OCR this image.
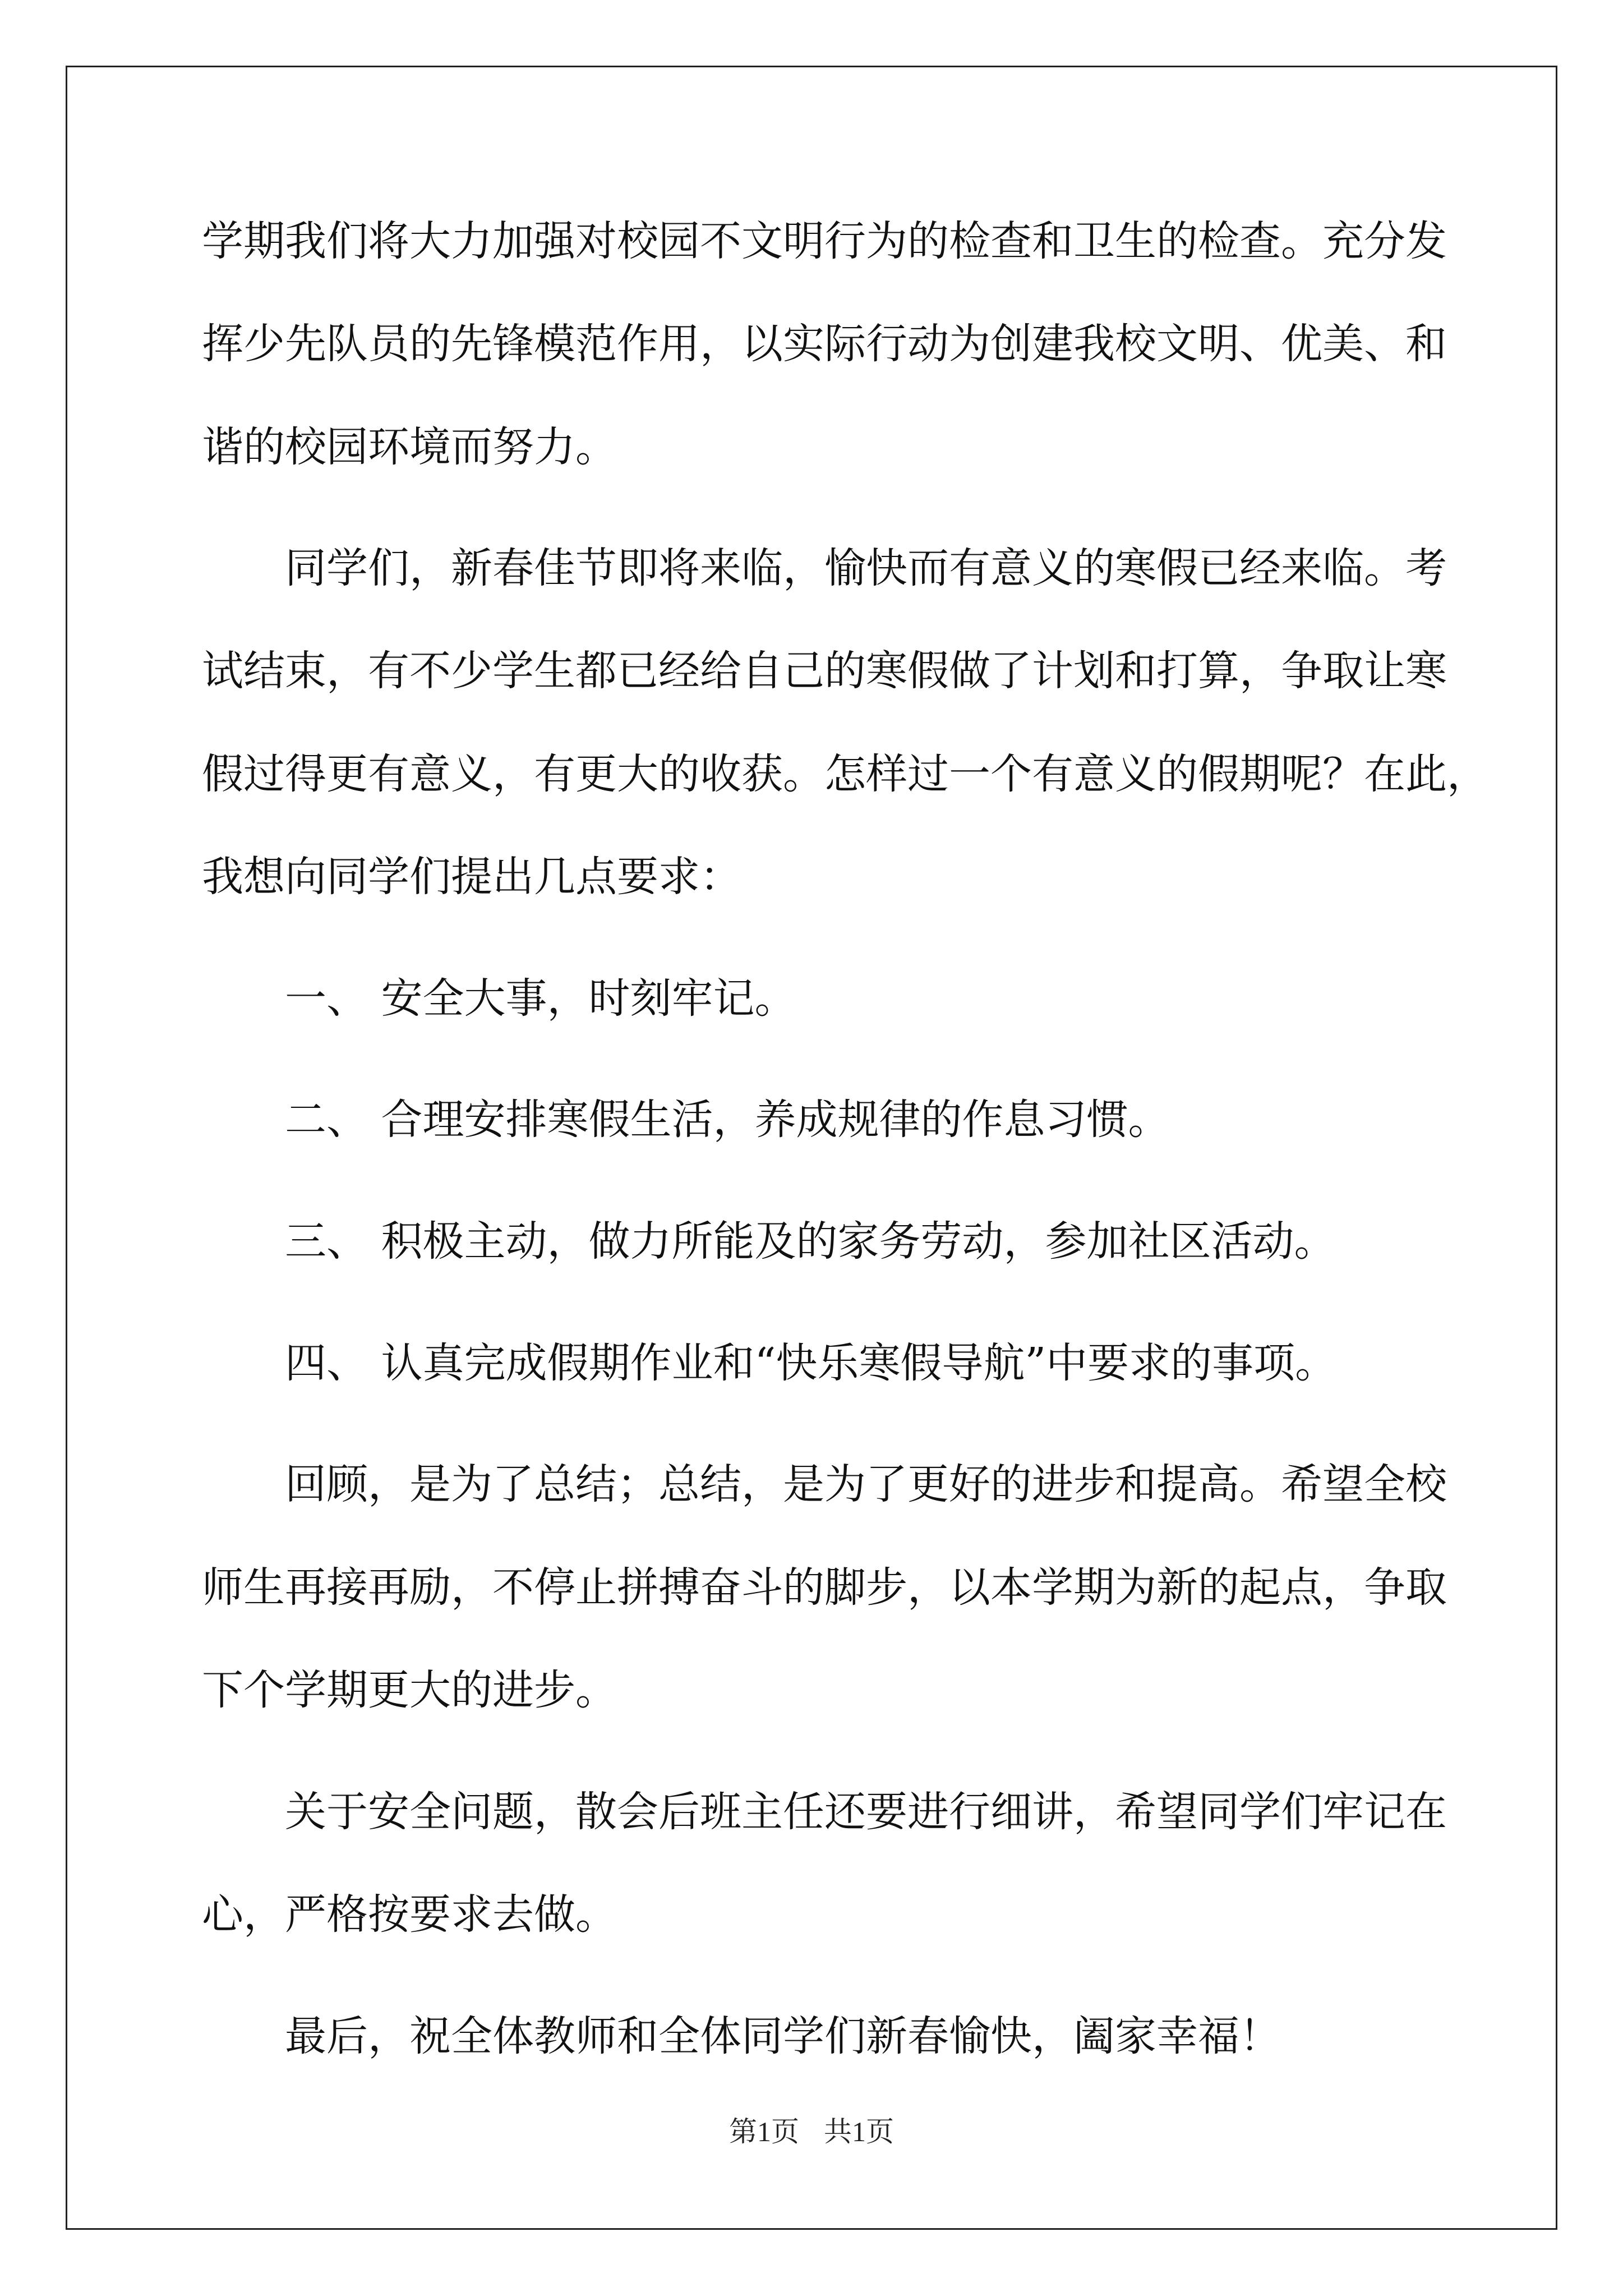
学期我们将大力加强对校园不文明行为的检查和卫生的检查。充分发
挥少先队员的先锋模范作用，以实际行动为创建我校文明、优美、和
谐的校园环境而努力。
同学们，新春佳节即将来临，愉快而有意义的寒假已经来临。考
试结束，有不少学生都已经给自己的寒假做了计划和打算，争取让寒
假过得更有意义，有更大的收获。怎样过一个有意义的假期呢？在此，
我想向同学们提出几点要求：
一、 安全大事，时刻牢记。
二、 合理安排寒假生活，养成规律的作息习惯。
三、 积极主动，做力所能及的家务劳动，参加社区活动。
四、 认真完成假期作业和“快乐寒假导航”中要求的事项。
回顾，是为了总结；总结，是为了更好的进步和提高。希望全校
师生再接再励，不停止拼搏奋斗的脚步，以本学期为新的起点，争取
下个学期更大的进步。
关于安全问题，散会后班主任还要进行细讲，希望同学们牢记在
心，严格按要求去做。
最后，祝全体教师和全体同学们新春愉快，阖家幸福！
第1页 共1页
